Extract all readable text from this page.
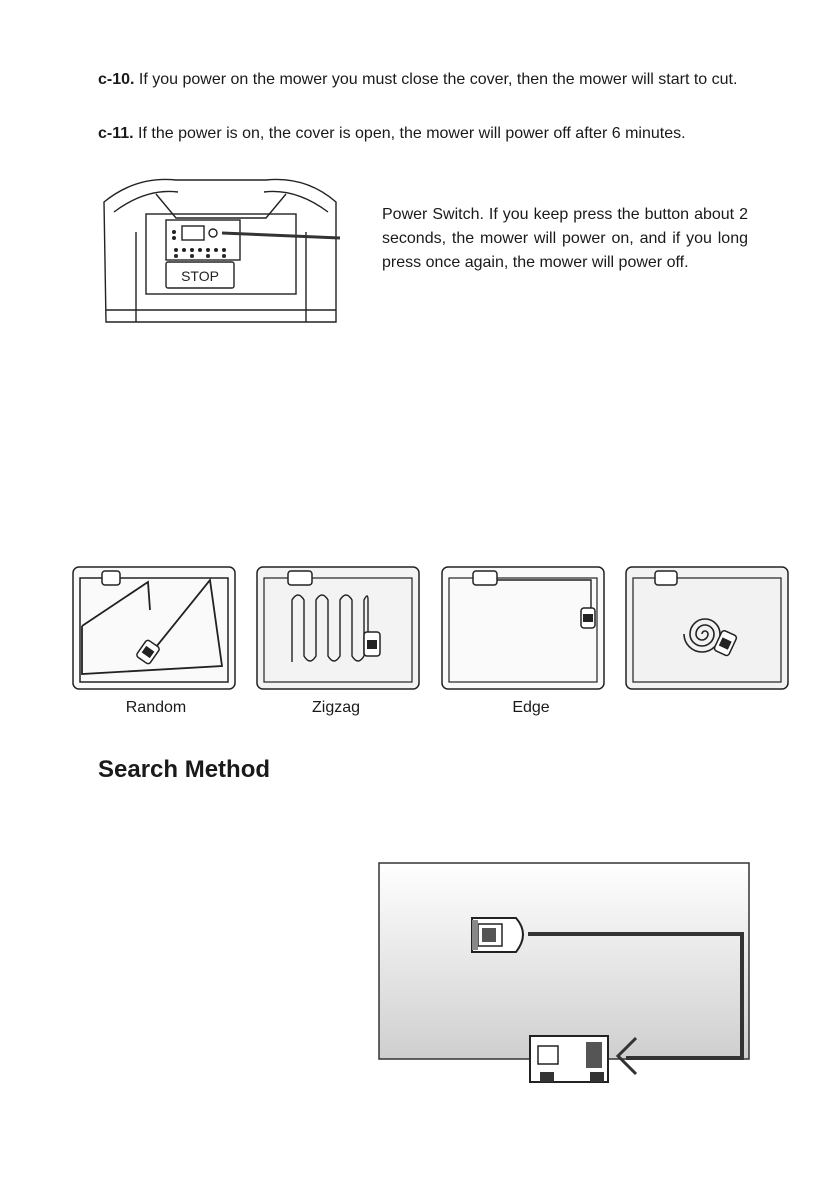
c-10. If you power on the mower you must close the cover, then the mower will start to cut.

c-11. If the power is on, the cover is open, the mower will power off after 6 minutes.

STOP

Power Switch. If you keep press the button about 2 seconds, the mower will power on, and if you long press once again, the mower will power off.

Random	Zigzag	Edge
Search Method
